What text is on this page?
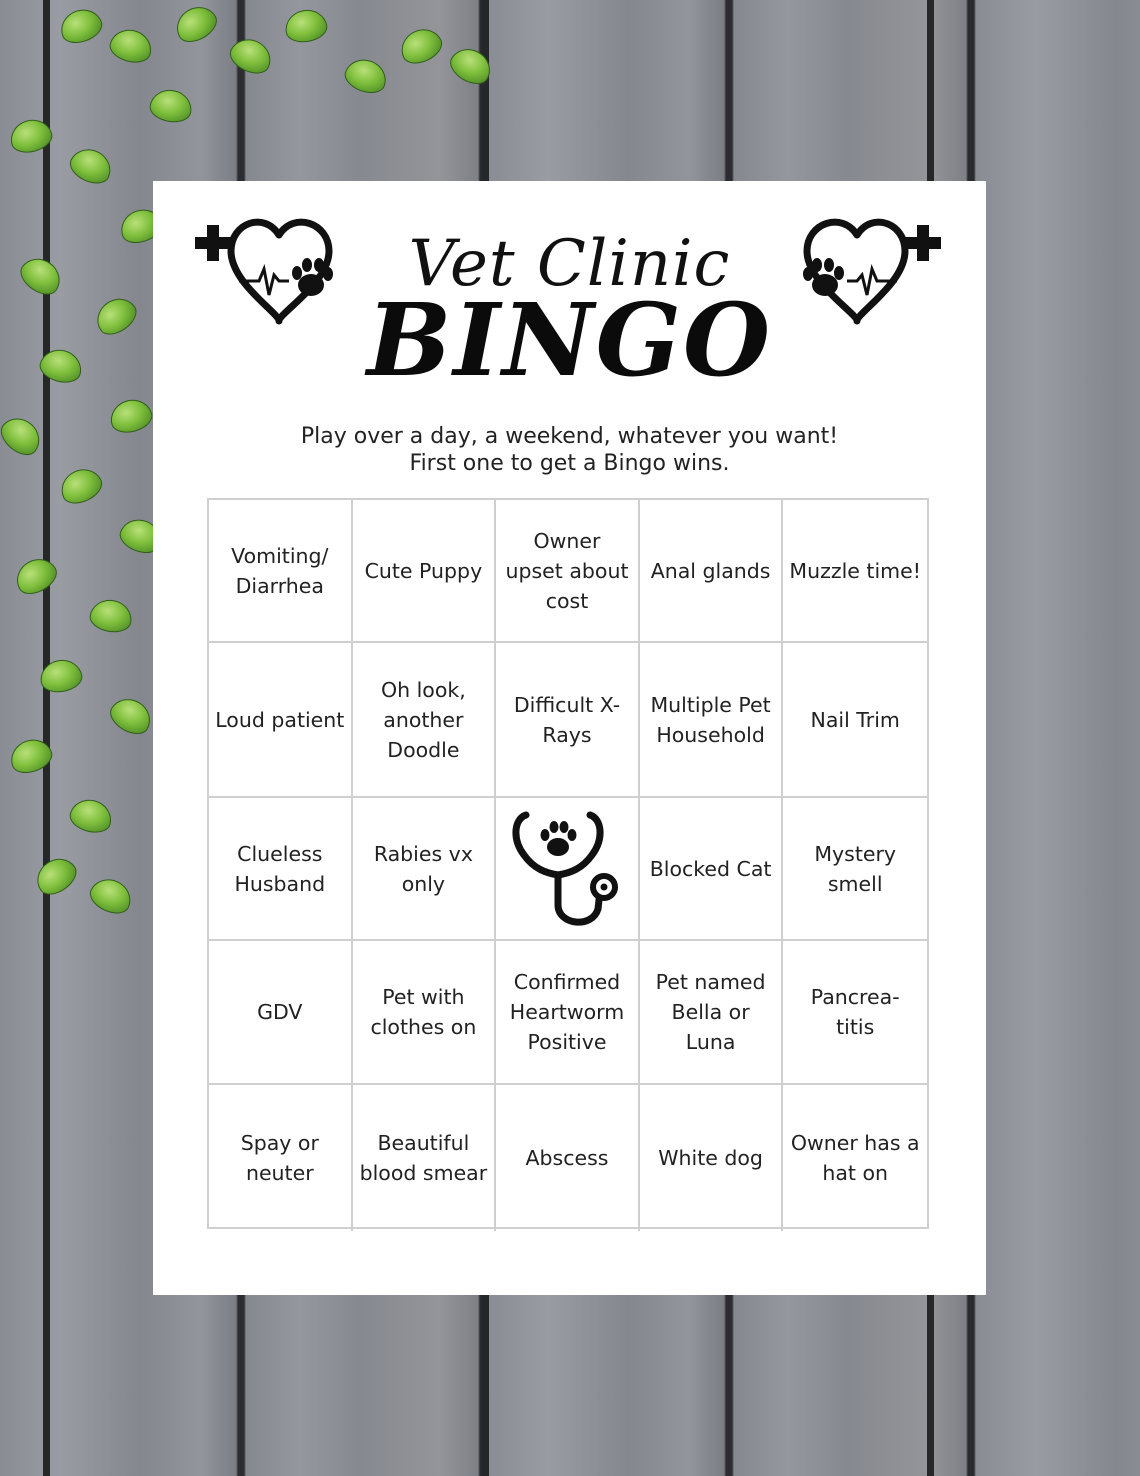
Vet Clinic
BINGO
Play over a day, a weekend, whatever you want!
First one to get a Bingo wins.
Vomiting/ Diarrhea
Cute Puppy
Owner upset about cost
Anal glands Muzzle time!
Loud patient
Oh look, another Doodle
Difficult X-Rays
Multiple Pet Household
Nail Trim
Clueless Husband
Rabies vx only
Blocked Cat
Mystery smell
GDV
Pet with clothes on
Confirmed Heartworm Positive
Pet named Bella or Luna
Pancrea- titis
Spay or neuter
Beautiful blood smear
Abscess	White dog
Owner has a hat on
